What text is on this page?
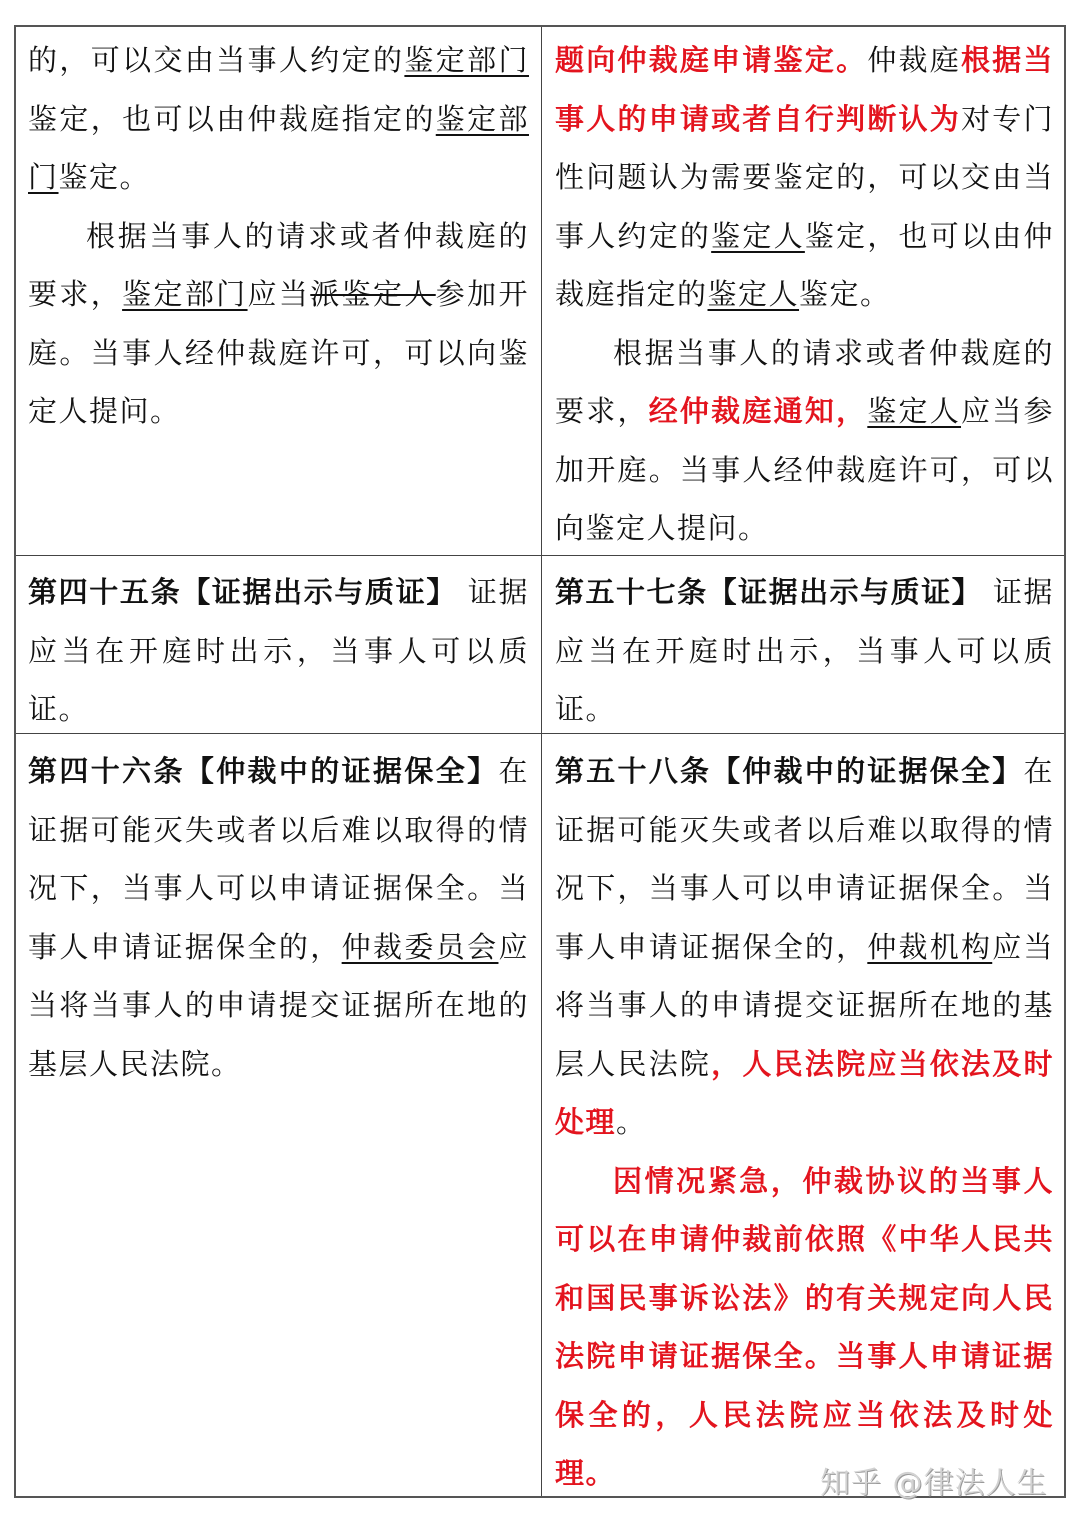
的，可以交由当事人约定的鉴定部门鉴定，也可以由仲裁庭指定的鉴定部门鉴定。

根据当事人的请求或者仲裁庭的要求，鉴定部门应当派鉴定人参加开庭。当事人经仲裁庭许可，可以向鉴定人提问。

题向仲裁庭申请鉴定。仲裁庭根据当事人的申请或者自行判断认为对专门性问题认为需要鉴定的，可以交由当事人约定的鉴定人鉴定，也可以由仲裁庭指定的鉴定人鉴定。

根据当事人的请求或者仲裁庭的要求，经仲裁庭通知，鉴定人应当参加开庭。当事人经仲裁庭许可，可以向鉴定人提问。

第四十五条【证据出示与质证】 证据应当在开庭时出示，当事人可以质证。

第五十七条【证据出示与质证】 证据应当在开庭时出示，当事人可以质证。

第四十六条【仲裁中的证据保全】在证据可能灭失或者以后难以取得的情况下，当事人可以申请证据保全。当事人申请证据保全的，仲裁委员会应当将当事人的申请提交证据所在地的基层人民法院。

第五十八条【仲裁中的证据保全】在证据可能灭失或者以后难以取得的情况下，当事人可以申请证据保全。当事人申请证据保全的，仲裁机构应当将当事人的申请提交证据所在地的基层人民法院，人民法院应当依法及时处理。

因情况紧急，仲裁协议的当事人可以在申请仲裁前依照《中华人民共和国民事诉讼法》的有关规定向人民法院申请证据保全。当事人申请证据保全的，人民法院应当依法及时处理。	知乎 @律法人生
